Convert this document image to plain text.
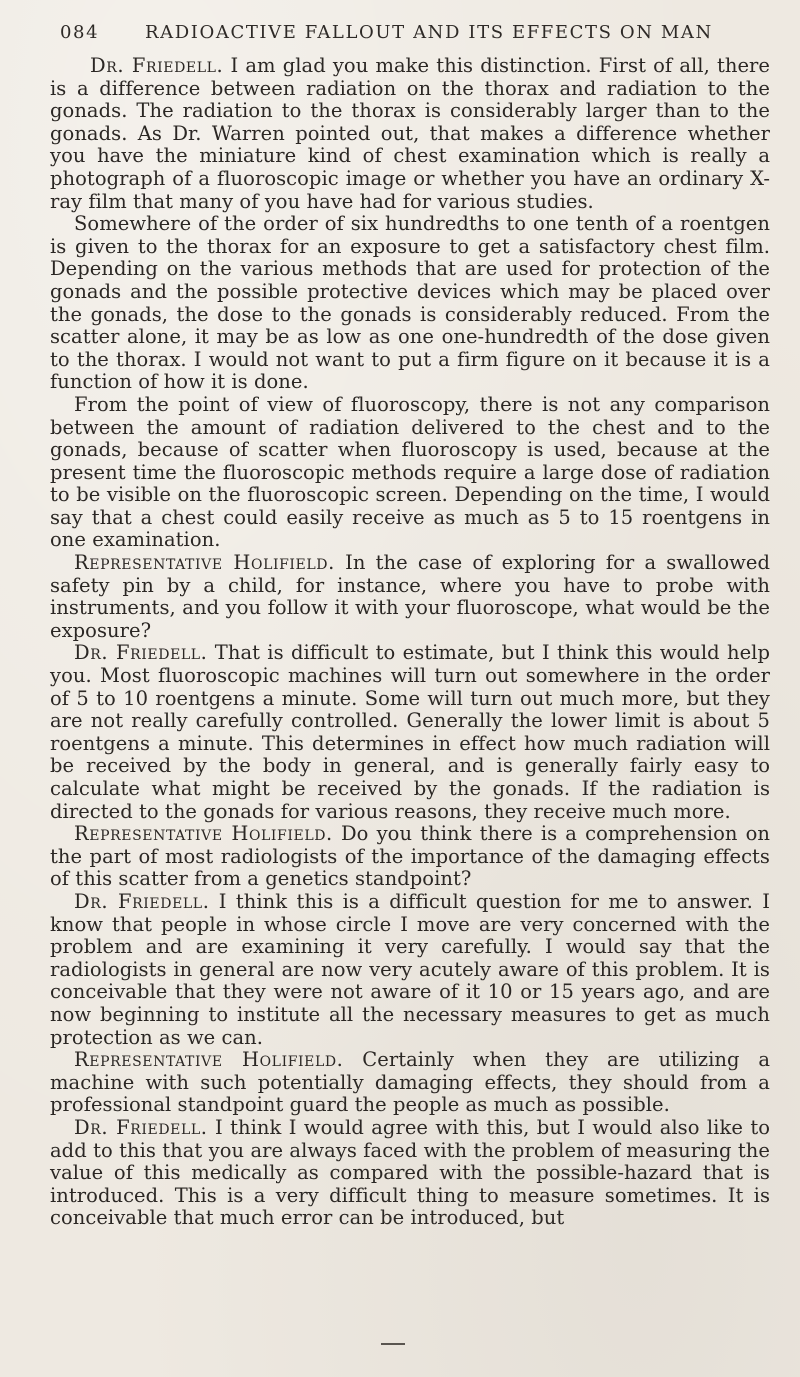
084	RADIOACTIVE FALLOUT AND ITS EFFECTS ON MAN

Dr. Friedell. I am glad you make this distinction. First of all, there is a difference between radiation on the thorax and radiation to the gonads. The radiation to the thorax is considerably larger than to the gonads. As Dr. Warren pointed out, that makes a difference whether you have the miniature kind of chest examination which is really a photograph of a fluoroscopic image or whether you have an ordinary X-ray film that many of you have had for various studies.

Somewhere of the order of six hundredths to one tenth of a roentgen is given to the thorax for an exposure to get a satisfactory chest film. Depending on the various methods that are used for protection of the gonads and the possible protective devices which may be placed over the gonads, the dose to the gonads is considerably reduced. From the scatter alone, it may be as low as one one-hundredth of the dose given to the thorax. I would not want to put a firm figure on it because it is a function of how it is done.

From the point of view of fluoroscopy, there is not any comparison between the amount of radiation delivered to the chest and to the gonads, because of scatter when fluoroscopy is used, because at the present time the fluoroscopic methods require a large dose of radiation to be visible on the fluoroscopic screen. Depending on the time, I would say that a chest could easily receive as much as 5 to 15 roentgens in one examination.

Representative Holifield. In the case of exploring for a swallowed safety pin by a child, for instance, where you have to probe with instruments, and you follow it with your fluoroscope, what would be the exposure?

Dr. Friedell. That is difficult to estimate, but I think this would help you. Most fluoroscopic machines will turn out somewhere in the order of 5 to 10 roentgens a minute. Some will turn out much more, but they are not really carefully controlled. Generally the lower limit is about 5 roentgens a minute. This determines in effect how much radiation will be received by the body in general, and is generally fairly easy to calculate what might be received by the gonads. If the radiation is directed to the gonads for various reasons, they receive much more.

Representative Holifield. Do you think there is a comprehension on the part of most radiologists of the importance of the damaging effects of this scatter from a genetics standpoint?

Dr. Friedell. I think this is a difficult question for me to answer. I know that people in whose circle I move are very concerned with the problem and are examining it very carefully. I would say that the radiologists in general are now very acutely aware of this problem. It is conceivable that they were not aware of it 10 or 15 years ago, and are now beginning to institute all the necessary measures to get as much protection as we can.

Representative Holifield. Certainly when they are utilizing a machine with such potentially damaging effects, they should from a professional standpoint guard the people as much as possible.

Dr. Friedell. I think I would agree with this, but I would also like to add to this that you are always faced with the problem of measuring the value of this medically as compared with the possible-hazard that is introduced. This is a very difficult thing to measure sometimes. It is conceivable that much error can be introduced, but
